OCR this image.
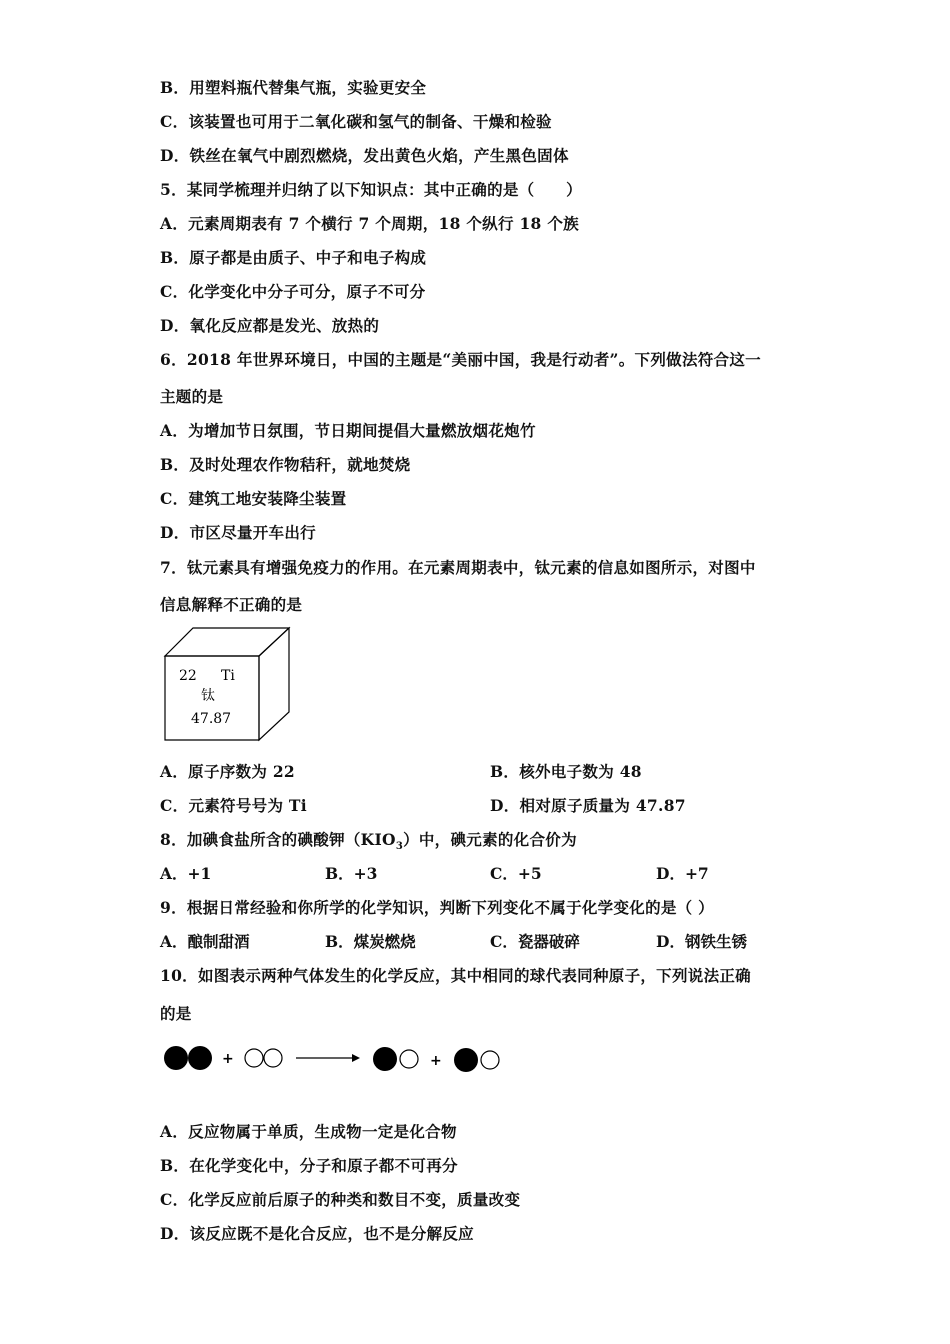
B．用塑料瓶代替集气瓶，实验更安全
C．该装置也可用于二氧化碳和氢气的制备、干燥和检验
D．铁丝在氧气中剧烈燃烧，发出黄色火焰，产生黑色固体
5．某同学梳理并归纳了以下知识点：其中正确的是（　　）
A．元素周期表有 7 个横行 7 个周期，18 个纵行 18 个族
B．原子都是由质子、中子和电子构成
C．化学变化中分子可分，原子不可分
D．氧化反应都是发光、放热的
6．2018 年世界环境日，中国的主题是“美丽中国，我是行动者”。下列做法符合这一
主题的是
A．为增加节日氛围，节日期间提倡大量燃放烟花炮竹
B．及时处理农作物秸秆，就地焚烧
C．建筑工地安装降尘装置
D．市区尽量开车出行
7．钛元素具有增强免疫力的作用。在元素周期表中，钛元素的信息如图所示，对图中
信息解释不正确的是
22 Ti
钛
47.87
A．原子序数为 22	B．核外电子数为 48
C．元素符号号为 Ti	D．相对原子质量为 47.87
8．加碘食盐所含的碘酸钾$(KIO_3)$中，碘元素的化合价为
A．+1	B．+3	C．+5	D．+7
9．根据日常经验和你所学的化学知识，判断下列变化不属于化学变化的是（ ）
A．酿制甜酒	B．煤炭燃烧	C．瓷器破碎	D．钢铁生锈
10．如图表示两种气体发生的化学反应，其中相同的球代表同种原子，下列说法正确
的是
+	+
A．反应物属于单质，生成物一定是化合物
B．在化学变化中，分子和原子都不可再分
C．化学反应前后原子的种类和数目不变，质量改变
D．该反应既不是化合反应，也不是分解反应
